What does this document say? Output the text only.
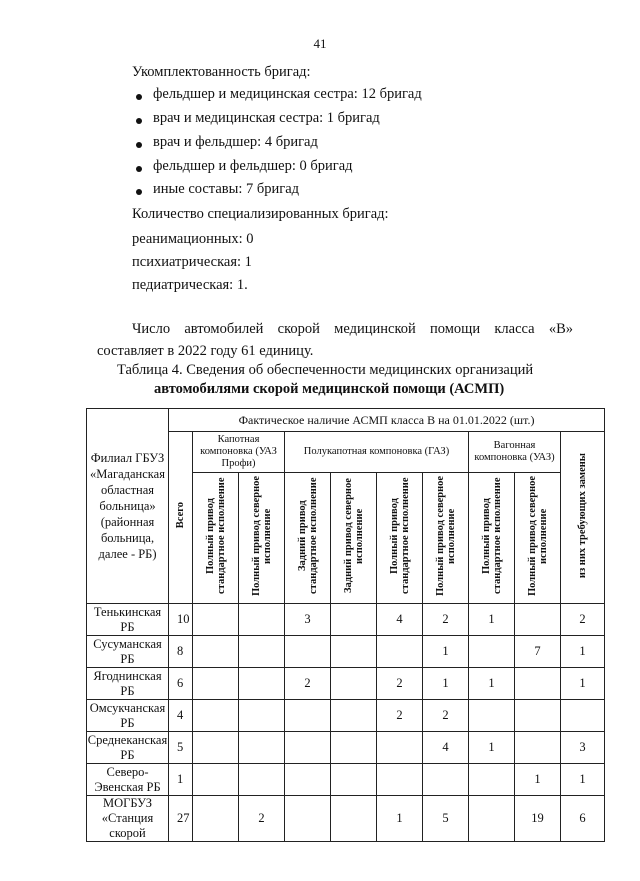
41
Укомплектованность бригад:
фельдшер и медицинская сестра: 12 бригад
врач и медицинская сестра: 1 бригад
врач и фельдшер: 4 бригад
фельдшер и фельдшер: 0 бригад
иные составы: 7 бригад
Количество специализированных бригад:
реанимационных: 0
психиатрическая: 1
педиатрическая: 1.
Число автомобилей скорой медицинской помощи класса «В»
составляет в 2022 году 61 единицу.
Таблица 4. Сведения об обеспеченности медицинских организаций
автомобилями скорой медицинской помощи (АСМП)
Филиал ГБУЗ «Магаданская областная больница» (районная больница, далее - РБ)	Фактическое наличие АСМП класса В на 01.01.2022 (шт.)									
	Всего	Капотная компоновка (УАЗ Профи)		Полукапотная компоновка (ГАЗ)				Вагонная компоновка (УАЗ)		из них требующих замены
		Полный привод стандартное исполнение	Полный привод северное исполнение	Задний привод стандартное исполнение	Задний привод северное исполнение	Полный привод стандартное исполнение	Полный привод северное исполнение	Полный привод стандартное исполнение	Полный привод северное исполнение	
Тенькинская РБ	10			3		4	2	1		2
Сусуманская РБ	8						1		7	1
Ягоднинская РБ	6			2		2	1	1		1
Омсукчанская РБ	4					2	2			
Среднеканская РБ	5						4	1		3
Северо-Эвенская РБ	1								1	1
МОГБУЗ «Станция скорой	27		2			1	5		19	6
